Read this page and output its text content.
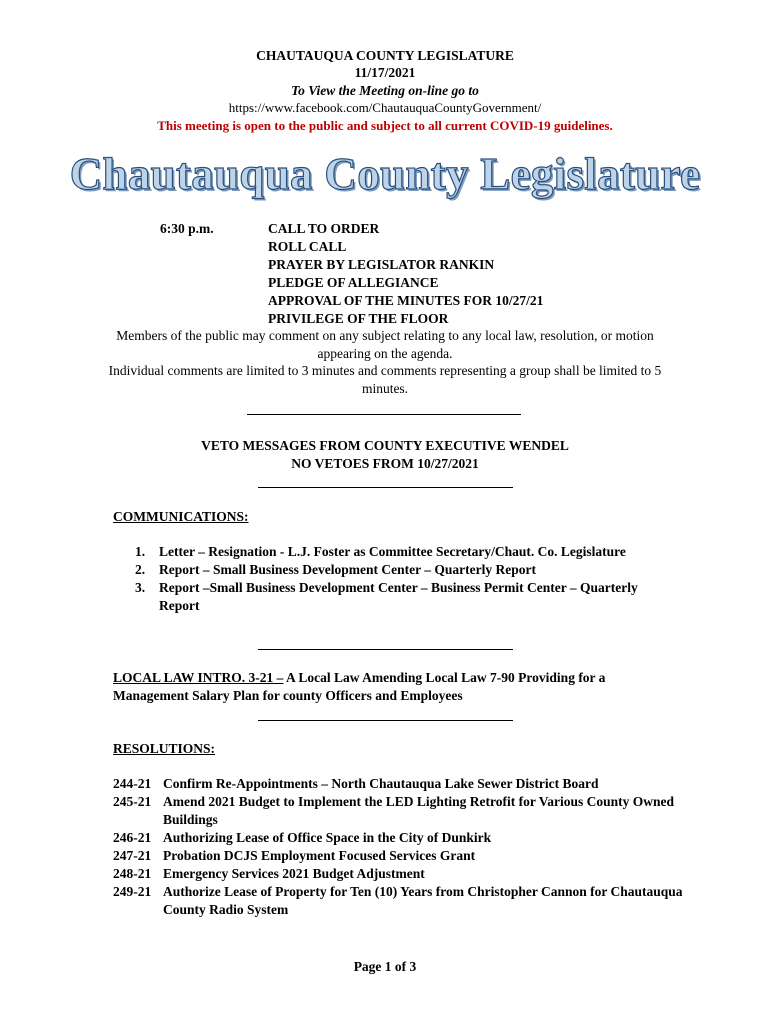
CHAUTAUQUA COUNTY LEGISLATURE
11/17/2021
To View the Meeting on-line go to
https://www.facebook.com/ChautauquaCountyGovernment/
This meeting is open to the public and subject to all current COVID-19 guidelines.
Chautauqua County Legislature
6:30 p.m.	CALL TO ORDER
ROLL CALL
PRAYER BY LEGISLATOR RANKIN
PLEDGE OF ALLEGIANCE
APPROVAL OF THE MINUTES FOR 10/27/21
PRIVILEGE OF THE FLOOR
Members of the public may comment on any subject relating to any local law, resolution, or motion appearing on the agenda.
Individual comments are limited to 3 minutes and comments representing a group shall be limited to 5 minutes.
VETO MESSAGES FROM COUNTY EXECUTIVE WENDEL
NO VETOES FROM 10/27/2021
COMMUNICATIONS:
1. Letter – Resignation - L.J. Foster as Committee Secretary/Chaut. Co. Legislature
2. Report – Small Business Development Center – Quarterly Report
3. Report –Small Business Development Center – Business Permit Center – Quarterly Report
LOCAL LAW INTRO. 3-21 – A Local Law Amending Local Law 7-90 Providing for a Management Salary Plan for county Officers and Employees
RESOLUTIONS:
244-21 Confirm Re-Appointments – North Chautauqua Lake Sewer District Board
245-21 Amend 2021 Budget to Implement the LED Lighting Retrofit for Various County Owned Buildings
246-21 Authorizing Lease of Office Space in the City of Dunkirk
247-21 Probation DCJS Employment Focused Services Grant
248-21 Emergency Services 2021 Budget Adjustment
249-21 Authorize Lease of Property for Ten (10) Years from Christopher Cannon for Chautauqua County Radio System
Page 1 of 3
